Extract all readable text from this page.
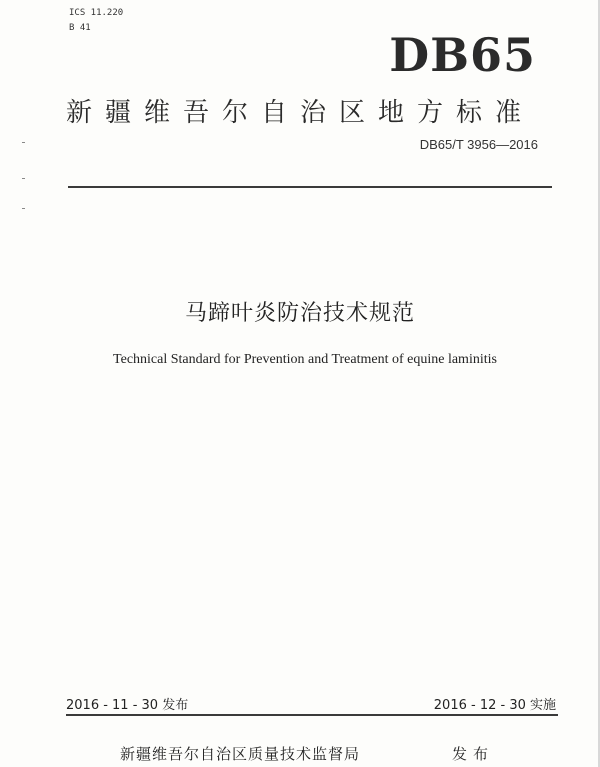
ICS 11.220
B 41	DB65
新疆维吾尔自治区地方标准
DB65/T 3956—2016
马蹄叶炎防治技术规范
Technical Standard for Prevention and Treatment of equine laminitis
2016 - 11 - 30 发布	2016 - 12 - 30 实施
新疆维吾尔自治区质量技术监督局	发布
